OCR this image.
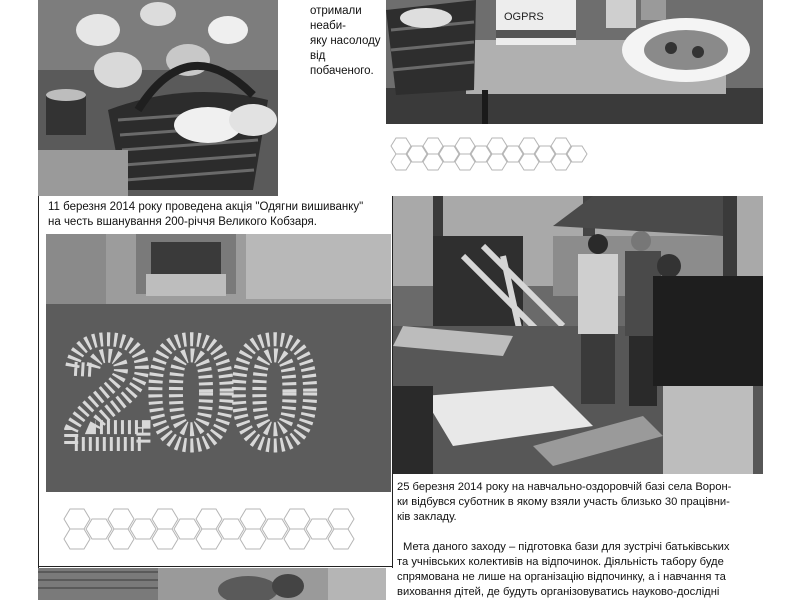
отримали неаби-
яку насолоду від
побаченого.
OGPRS
11 березня 2014 року проведена акція "Одягни вишиванку"
на честь вшанування 200-річчя Великого Кобзаря.
200
25 березня 2014 року на навчально-оздоровчій базі села Ворон-
ки відбувся суботник в якому взяли участь близько 30 працівни-
ків закладу.
Мета даного заходу – підготовка бази для зустрічі батьківських
та учнівських колективів на відпочинок. Діяльність табору буде
спрямована не лише на організацію відпочинку, а і навчання та
виховання дітей, де будуть організовуватись науково-дослідні
